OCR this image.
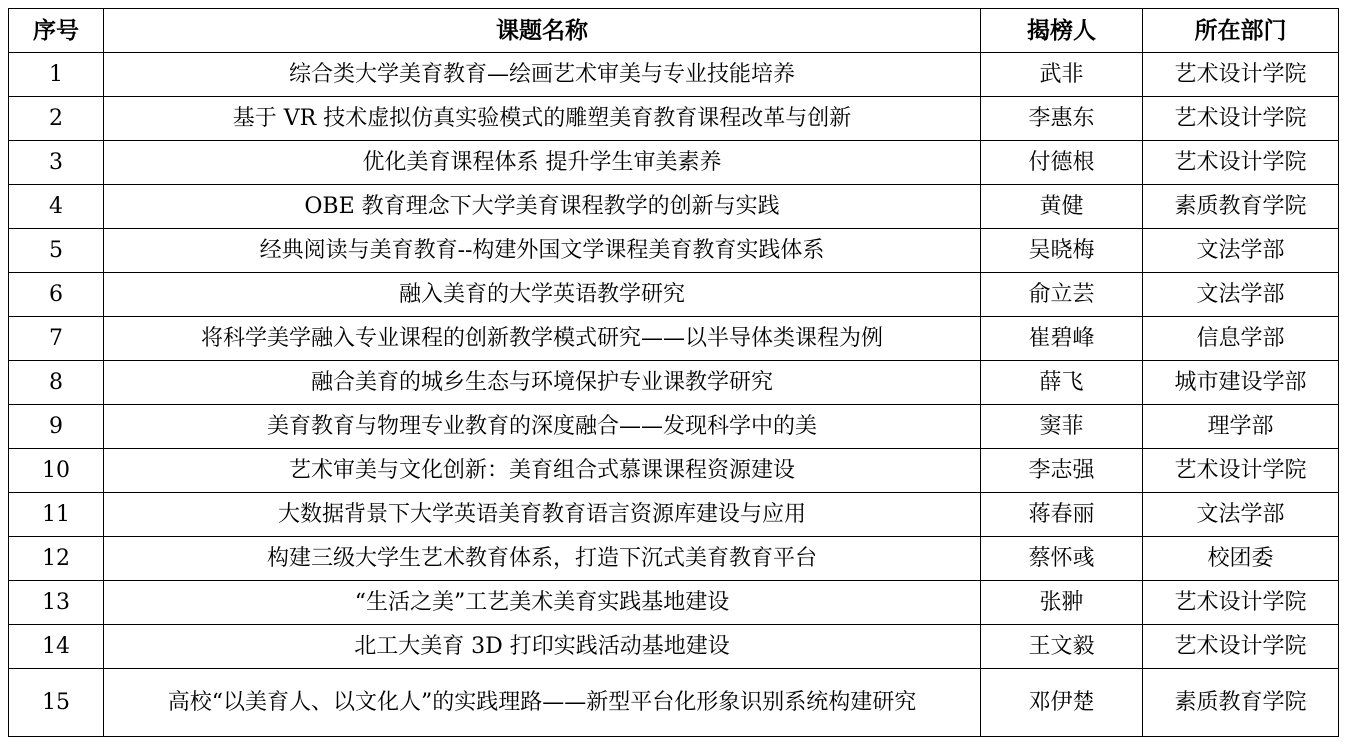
序号	课题名称	揭榜人	所在部门
1	综合类大学美育教育—绘画艺术审美与专业技能培养	武非	艺术设计学院
2	基于 VR 技术虚拟仿真实验模式的雕塑美育教育课程改革与创新	李惠东	艺术设计学院
3	优化美育课程体系 提升学生审美素养	付德根	艺术设计学院
4	OBE 教育理念下大学美育课程教学的创新与实践	黄健	素质教育学院
5	经典阅读与美育教育--构建外国文学课程美育教育实践体系	吴晓梅	文法学部
6	融入美育的大学英语教学研究	俞立芸	文法学部
7	将科学美学融入专业课程的创新教学模式研究——以半导体类课程为例	崔碧峰	信息学部
8	融合美育的城乡生态与环境保护专业课教学研究	薛飞	城市建设学部
9	美育教育与物理专业教育的深度融合——发现科学中的美	窦菲	理学部
10	艺术审美与文化创新：美育组合式慕课课程资源建设	李志强	艺术设计学院
11	大数据背景下大学英语美育教育语言资源库建设与应用	蒋春丽	文法学部
12	构建三级大学生艺术教育体系，打造下沉式美育教育平台	蔡怀彧	校团委
13	“生活之美”工艺美术美育实践基地建设	张翀	艺术设计学院
14	北工大美育 3D 打印实践活动基地建设	王文毅	艺术设计学院
15	高校“以美育人、以文化人”的实践理路——新型平台化形象识别系统构建研究	邓伊楚	素质教育学院
